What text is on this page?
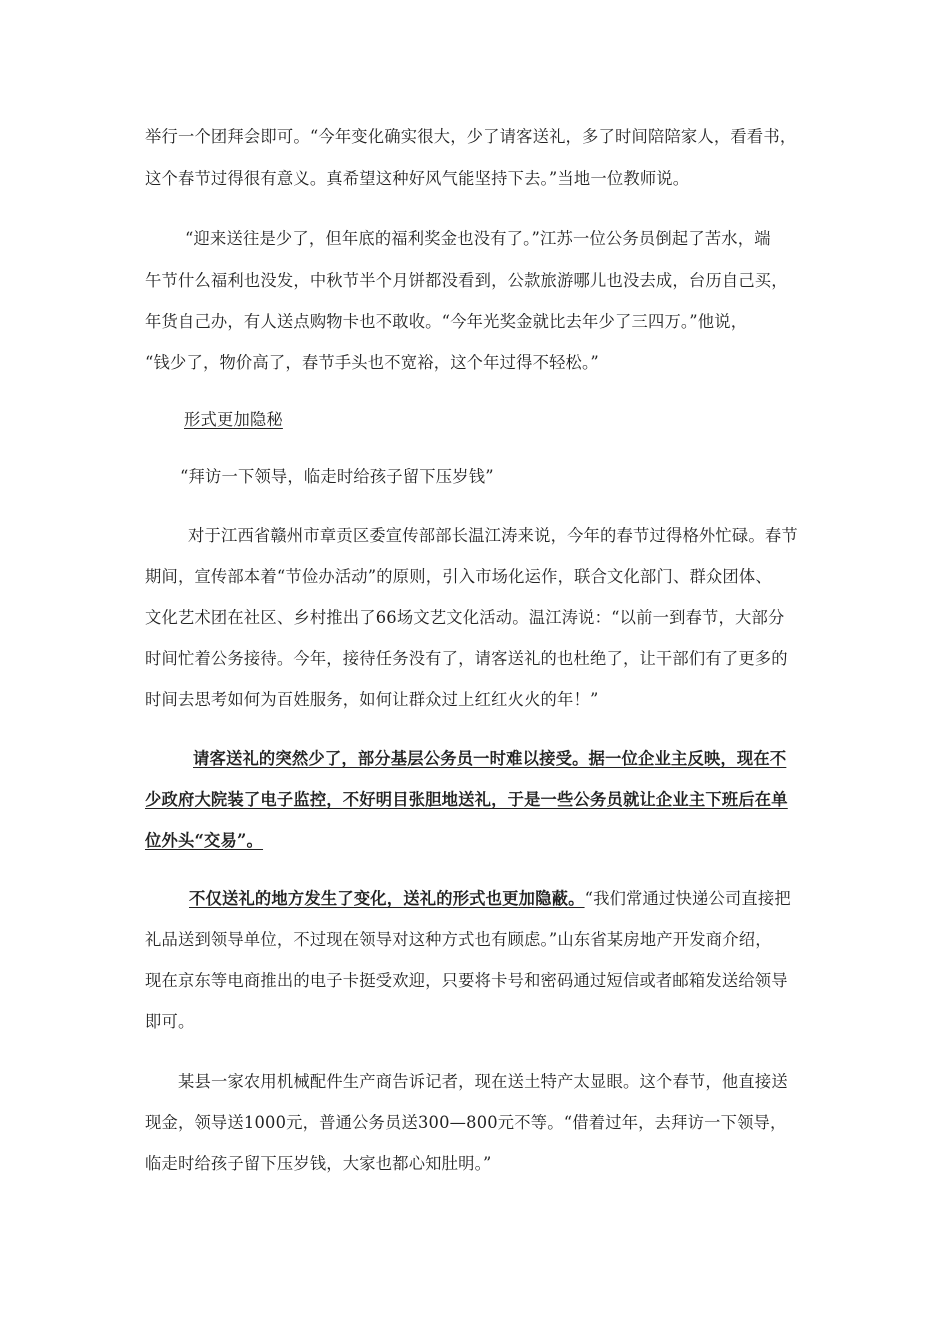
举行一个团拜会即可。“今年变化确实很大，少了请客送礼，多了时间陪陪家人，看看书，
这个春节过得很有意义。真希望这种好风气能坚持下去。”当地一位教师说。
“迎来送往是少了，但年底的福利奖金也没有了。”江苏一位公务员倒起了苦水，端
午节什么福利也没发，中秋节半个月饼都没看到，公款旅游哪儿也没去成，台历自己买，
年货自己办，有人送点购物卡也不敢收。“今年光奖金就比去年少了三四万。”他说，
“钱少了，物价高了，春节手头也不宽裕，这个年过得不轻松。”
形式更加隐秘
“拜访一下领导，临走时给孩子留下压岁钱”
对于江西省赣州市章贡区委宣传部部长温江涛来说，今年的春节过得格外忙碌。春节
期间，宣传部本着“节俭办活动”的原则，引入市场化运作，联合文化部门、群众团体、
文化艺术团在社区、乡村推出了66场文艺文化活动。温江涛说：“以前一到春节，大部分
时间忙着公务接待。今年，接待任务没有了，请客送礼的也杜绝了，让干部们有了更多的
时间去思考如何为百姓服务，如何让群众过上红红火火的年！”
请客送礼的突然少了，部分基层公务员一时难以接受。据一位企业主反映，现在不
少政府大院装了电子监控，不好明目张胆地送礼，于是一些公务员就让企业主下班后在单
位外头“交易”。
不仅送礼的地方发生了变化，送礼的形式也更加隐蔽。“我们常通过快递公司直接把
礼品送到领导单位，不过现在领导对这种方式也有顾虑。”山东省某房地产开发商介绍，
现在京东等电商推出的电子卡挺受欢迎，只要将卡号和密码通过短信或者邮箱发送给领导
即可。
某县一家农用机械配件生产商告诉记者，现在送土特产太显眼。这个春节，他直接送
现金，领导送1000元，普通公务员送300—800元不等。“借着过年，去拜访一下领导，
临走时给孩子留下压岁钱，大家也都心知肚明。”
